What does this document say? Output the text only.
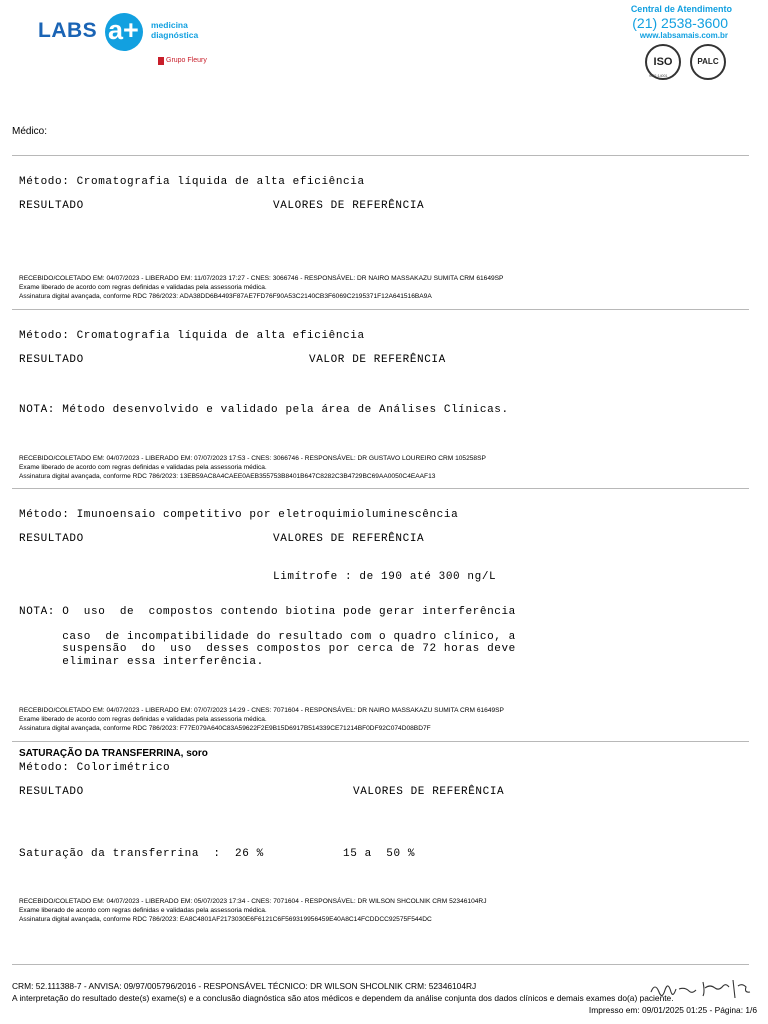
LABS a+ medicina
diagnóstica
Grupo Fleury
Central de Atendimento
(21) 2538-3600
www.labsamais.com.br
ISO
9001:14001
PALC
Médico:
Método: Cromatografia líquida de alta eficiência
RESULTADO	VALORES DE REFERÊNCIA
RECEBIDO/COLETADO EM: 04/07/2023 - LIBERADO EM: 11/07/2023 17:27 - CNES: 3066746 - RESPONSÁVEL: DR NAIRO MASSAKAZU SUMITA CRM 61649SP
Exame liberado de acordo com regras definidas e validadas pela assessoria médica.
Assinatura digital avançada, conforme RDC 786/2023: ADA38DD6B4493F87AE7FD76F90A53C2140CB3F6069C2195371F12A641516BA9A
Método: Cromatografia líquida de alta eficiência
RESULTADO	VALOR DE REFERÊNCIA
NOTA: Método desenvolvido e validado pela área de Análises Clínicas.
RECEBIDO/COLETADO EM: 04/07/2023 - LIBERADO EM: 07/07/2023 17:53 - CNES: 3066746 - RESPONSÁVEL: DR GUSTAVO LOUREIRO CRM 105258SP
Exame liberado de acordo com regras definidas e validadas pela assessoria médica.
Assinatura digital avançada, conforme RDC 786/2023: 13EB59AC8A4CAEE0AEB355753B8401B647C8282C3B4729BC69AA0050C4EAAF13
Método: Imunoensaio competitivo por eletroquimioluminescência
RESULTADO	VALORES DE REFERÊNCIA
Limítrofe : de 190 até 300 ng/L
NOTA: O  uso  de  compostos contendo biotina pode gerar interferência
caso  de incompatibilidade do resultado com o quadro clínico, a
suspensão  do  uso  desses compostos por cerca de 72 horas deve
eliminar essa interferência.
RECEBIDO/COLETADO EM: 04/07/2023 - LIBERADO EM: 07/07/2023 14:29 - CNES: 7071604 - RESPONSÁVEL: DR NAIRO MASSAKAZU SUMITA CRM 61649SP
Exame liberado de acordo com regras definidas e validadas pela assessoria médica.
Assinatura digital avançada, conforme RDC 786/2023: F77E079A640C83A59622F2E9B15D6917B514339CE71214BF0DF92C074D08BD7F
SATURAÇÃO DA TRANSFERRINA, soro
Método: Colorimétrico
RESULTADO	VALORES DE REFERÊNCIA
Saturação da transferrina  :  26 %           15 a  50 %
RECEBIDO/COLETADO EM: 04/07/2023 - LIBERADO EM: 05/07/2023 17:34 - CNES: 7071604 - RESPONSÁVEL: DR WILSON SHCOLNIK CRM 52346104RJ
Exame liberado de acordo com regras definidas e validadas pela assessoria médica.
Assinatura digital avançada, conforme RDC 786/2023: EA8C4801AF2173030E6F6121C6F569319956459E40A8C14FCDDCC92575F544DC
CRM: 52.111388-7 - ANVISA: 09/97/005796/2016 - RESPONSÁVEL TÉCNICO: DR WILSON SHCOLNIK CRM: 52346104RJ
A interpretação do resultado deste(s) exame(s) e a conclusão diagnóstica são atos médicos e dependem da análise conjunta dos dados clínicos e demais exames do(a) paciente.
Impresso em: 09/01/2025 01:25 - Página: 1/6
